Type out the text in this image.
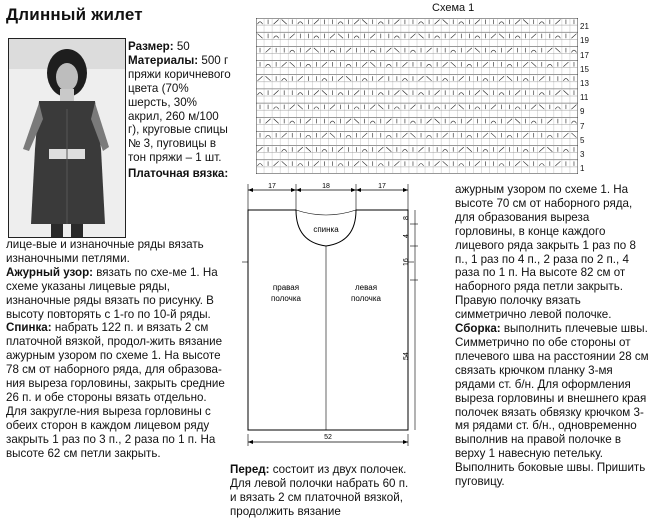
Длинный жилет

Размер: 50

Материалы: 500 г пряжи коричневого цвета (70% шерсть, 30% акрил, 260 м/100 г), круговые спицы № 3, пуговицы в тон пряжи – 1 шт.

Платочная вязка:

лице-вые и изнаночные ряды вязать изнаночными петлями.

Ажурный узор: вязать по схе-ме 1. На схеме указаны лицевые ряды, изнаночные ряды вязать по рисунку. В высоту повторять с 1-го по 10-й ряды.

Спинка: набрать 122 п. и вязать 2 см платочной вязкой, продол-жить вязание ажурным узором по схеме 1. На высоте 78 см от наборного ряда, для образова-ния выреза горловины, закрыть средние 26 п. и обе стороны вязать отдельно. Для закругле-ния выреза горловины с обеих сторон в каждом лицевом ряду закрыть 1 раз по 3 п., 2 раза по 1 п. На высоте 62 см петли закрыть.

Схема 1
21
19
17
15
13
11
9
7
5
3
1
17	18	17
спинка
правая
полочка
левая
полочка
8
4
16
54
52

Перед: состоит из двух полочек. Для левой полочки набрать 60 п. и вязать 2 см платочной вязкой, продолжить вязание

ажурным узором по схеме 1. На высоте 70 см от наборного ряда, для образования выреза горловины, в конце каждого лицевого ряда закрыть 1 раз по 8 п., 1 раз по 4 п., 2 раза по 2 п., 4 раза по 1 п. На высоте 82 см от наборного ряда петли закрыть. Правую полочку вязать симметрично левой полочке.

Сборка: выполнить плечевые швы. Симметрично по обе стороны от плечевого шва на расстоянии 28 см связать крючком планку 3-мя рядами ст. б/н. Для оформления выреза горловины и внешнего края полочек вязать обвязку крючком 3-мя рядами ст. б/н., одновременно выполнив на правой полочке в верху 1 навесную петельку. Выполнить боковые швы. Пришить пуговицу.
